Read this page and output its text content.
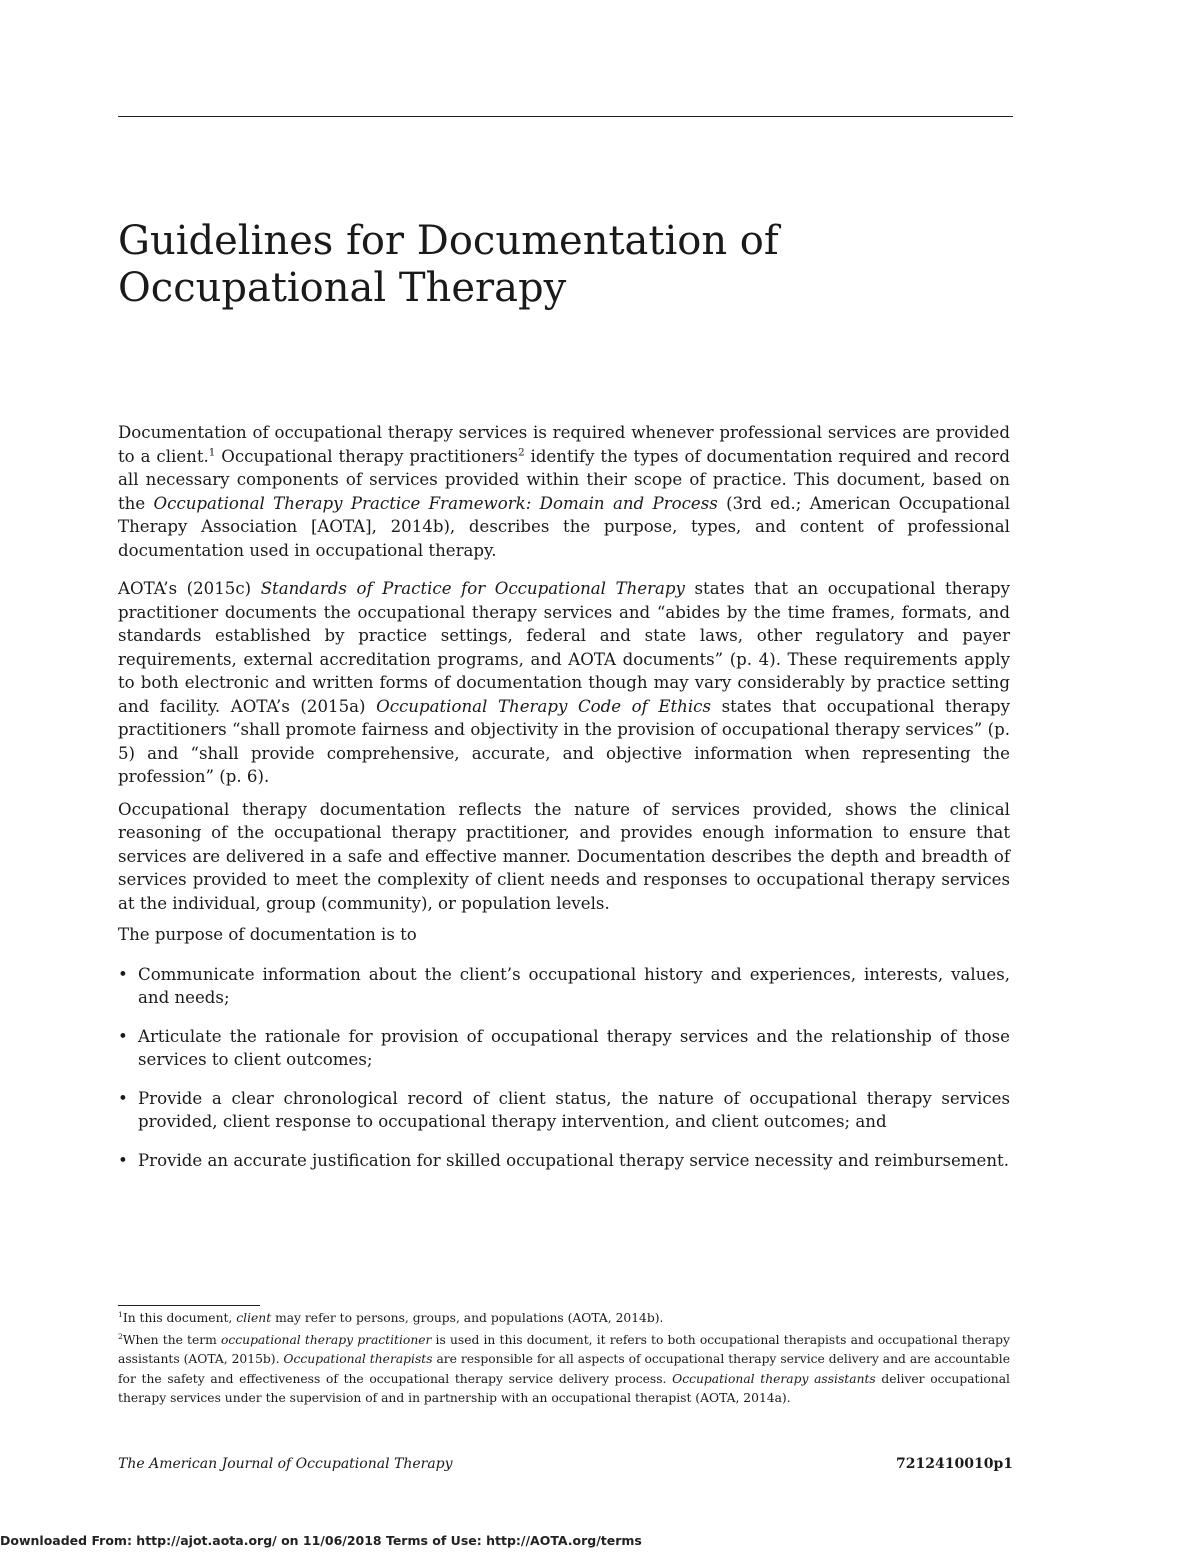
Guidelines for Documentation of Occupational Therapy

Documentation of occupational therapy services is required whenever professional services are provided to a client.$^1$ Occupational therapy practitioners$^2$ identify the types of documentation required and record all necessary components of services provided within their scope of practice. This document, based on the Occupational Therapy Practice Framework: Domain and Process (3rd ed.; American Occupational Therapy Association [AOTA], 2014b), describes the purpose, types, and content of professional documentation used in occupational therapy.

AOTA’s (2015c) Standards of Practice for Occupational Therapy states that an occupational therapy practitioner documents the occupational therapy services and “abides by the time frames, formats, and standards established by practice settings, federal and state laws, other regulatory and payer requirements, external accreditation programs, and AOTA documents” (p. 4). These requirements apply to both electronic and written forms of documentation though may vary considerably by practice setting and facility. AOTA’s (2015a) Occupational Therapy Code of Ethics states that occupational therapy practitioners “shall promote fairness and objectivity in the provision of occupational therapy services” (p. 5) and “shall provide comprehensive, accurate, and objective information when representing the profession” (p. 6).

Occupational therapy documentation reflects the nature of services provided, shows the clinical reasoning of the occupational therapy practitioner, and provides enough information to ensure that services are delivered in a safe and effective manner. Documentation describes the depth and breadth of services provided to meet the complexity of client needs and responses to occupational therapy services at the individual, group (community), or population levels.

The purpose of documentation is to

• Communicate information about the client’s occupational history and experiences, interests, values, and needs;
• Articulate the rationale for provision of occupational therapy services and the relationship of those services to client outcomes;
• Provide a clear chronological record of client status, the nature of occupational therapy services provided, client response to occupational therapy intervention, and client outcomes; and
• Provide an accurate justification for skilled occupational therapy service necessity and reimbursement.

$^1$In this document, client may refer to persons, groups, and populations (AOTA, 2014b).

$^2$When the term occupational therapy practitioner is used in this document, it refers to both occupational therapists and occupational therapy assistants (AOTA, 2015b). Occupational therapists are responsible for all aspects of occupational therapy service delivery and are accountable for the safety and effectiveness of the occupational therapy service delivery process. Occupational therapy assistants deliver occupational therapy services under the supervision of and in partnership with an occupational therapist (AOTA, 2014a).

The American Journal of Occupational Therapy	7212410010p1
Downloaded From: http://ajot.aota.org/ on 11/06/2018 Terms of Use: http://AOTA.org/terms
